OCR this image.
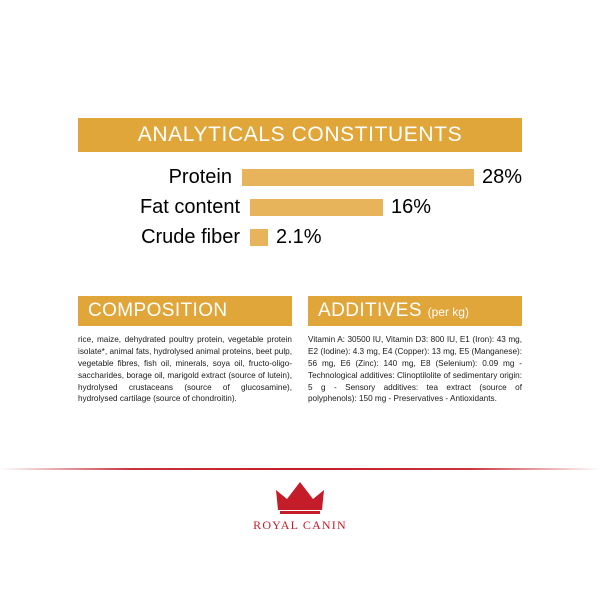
ANALYTICALS CONSTITUENTS
Protein	28%
Fat content	16%
Crude fiber	2.1%
COMPOSITION
rice, maize, dehydrated poultry protein, vegetable protein isolate*, animal fats, hydrolysed animal proteins, beet pulp, vegetable fibres, fish oil, minerals, soya oil, fructo-oligo-saccharides, borage oil, marigold extract (source of lutein), hydrolysed crustaceans (source of glucosamine), hydrolysed cartilage (source of chondroitin).
ADDITIVES (per kg)
Vitamin A: 30500 IU, Vitamin D3: 800 IU, E1 (Iron): 43 mg, E2 (Iodine): 4.3 mg, E4 (Copper): 13 mg, E5 (Manganese): 56 mg, E6 (Zinc): 140 mg, E8 (Selenium): 0.09 mg - Technological additives: Clinoptilolite of sedimentary origin: 5 g - Sensory additives: tea extract (source of polyphenols): 150 mg - Preservatives - Antioxidants.
ROYAL CANIN
